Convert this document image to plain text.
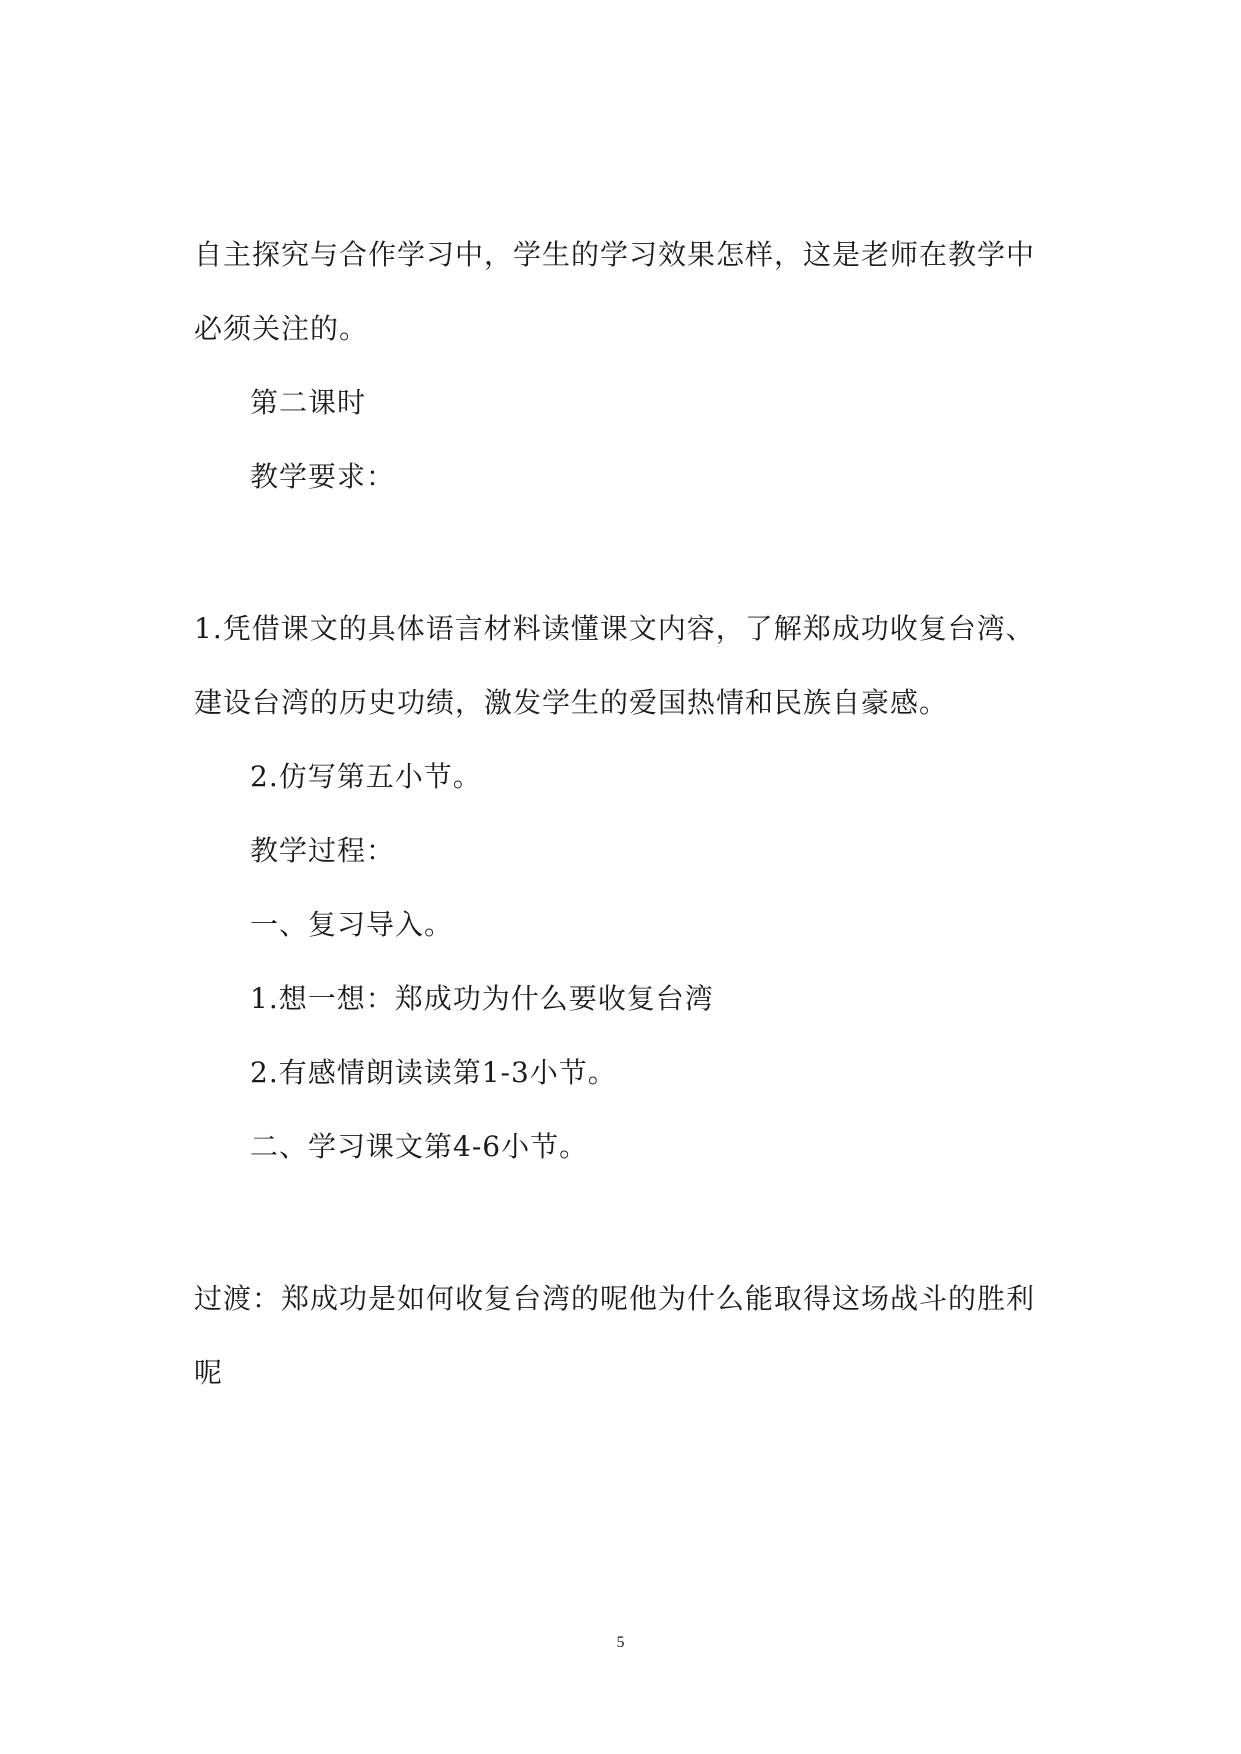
自主探究与合作学习中，学生的学习效果怎样，这是老师在教学中

必须关注的。

第二课时

教学要求：

1.凭借课文的具体语言材料读懂课文内容，了解郑成功收复台湾、

建设台湾的历史功绩，激发学生的爱国热情和民族自豪感。

2.仿写第五小节。

教学过程：

一、复习导入。

1.想一想：郑成功为什么要收复台湾

2.有感情朗读读第1-3小节。

二、学习课文第4-6小节。

过渡：郑成功是如何收复台湾的呢他为什么能取得这场战斗的胜利

呢

5
